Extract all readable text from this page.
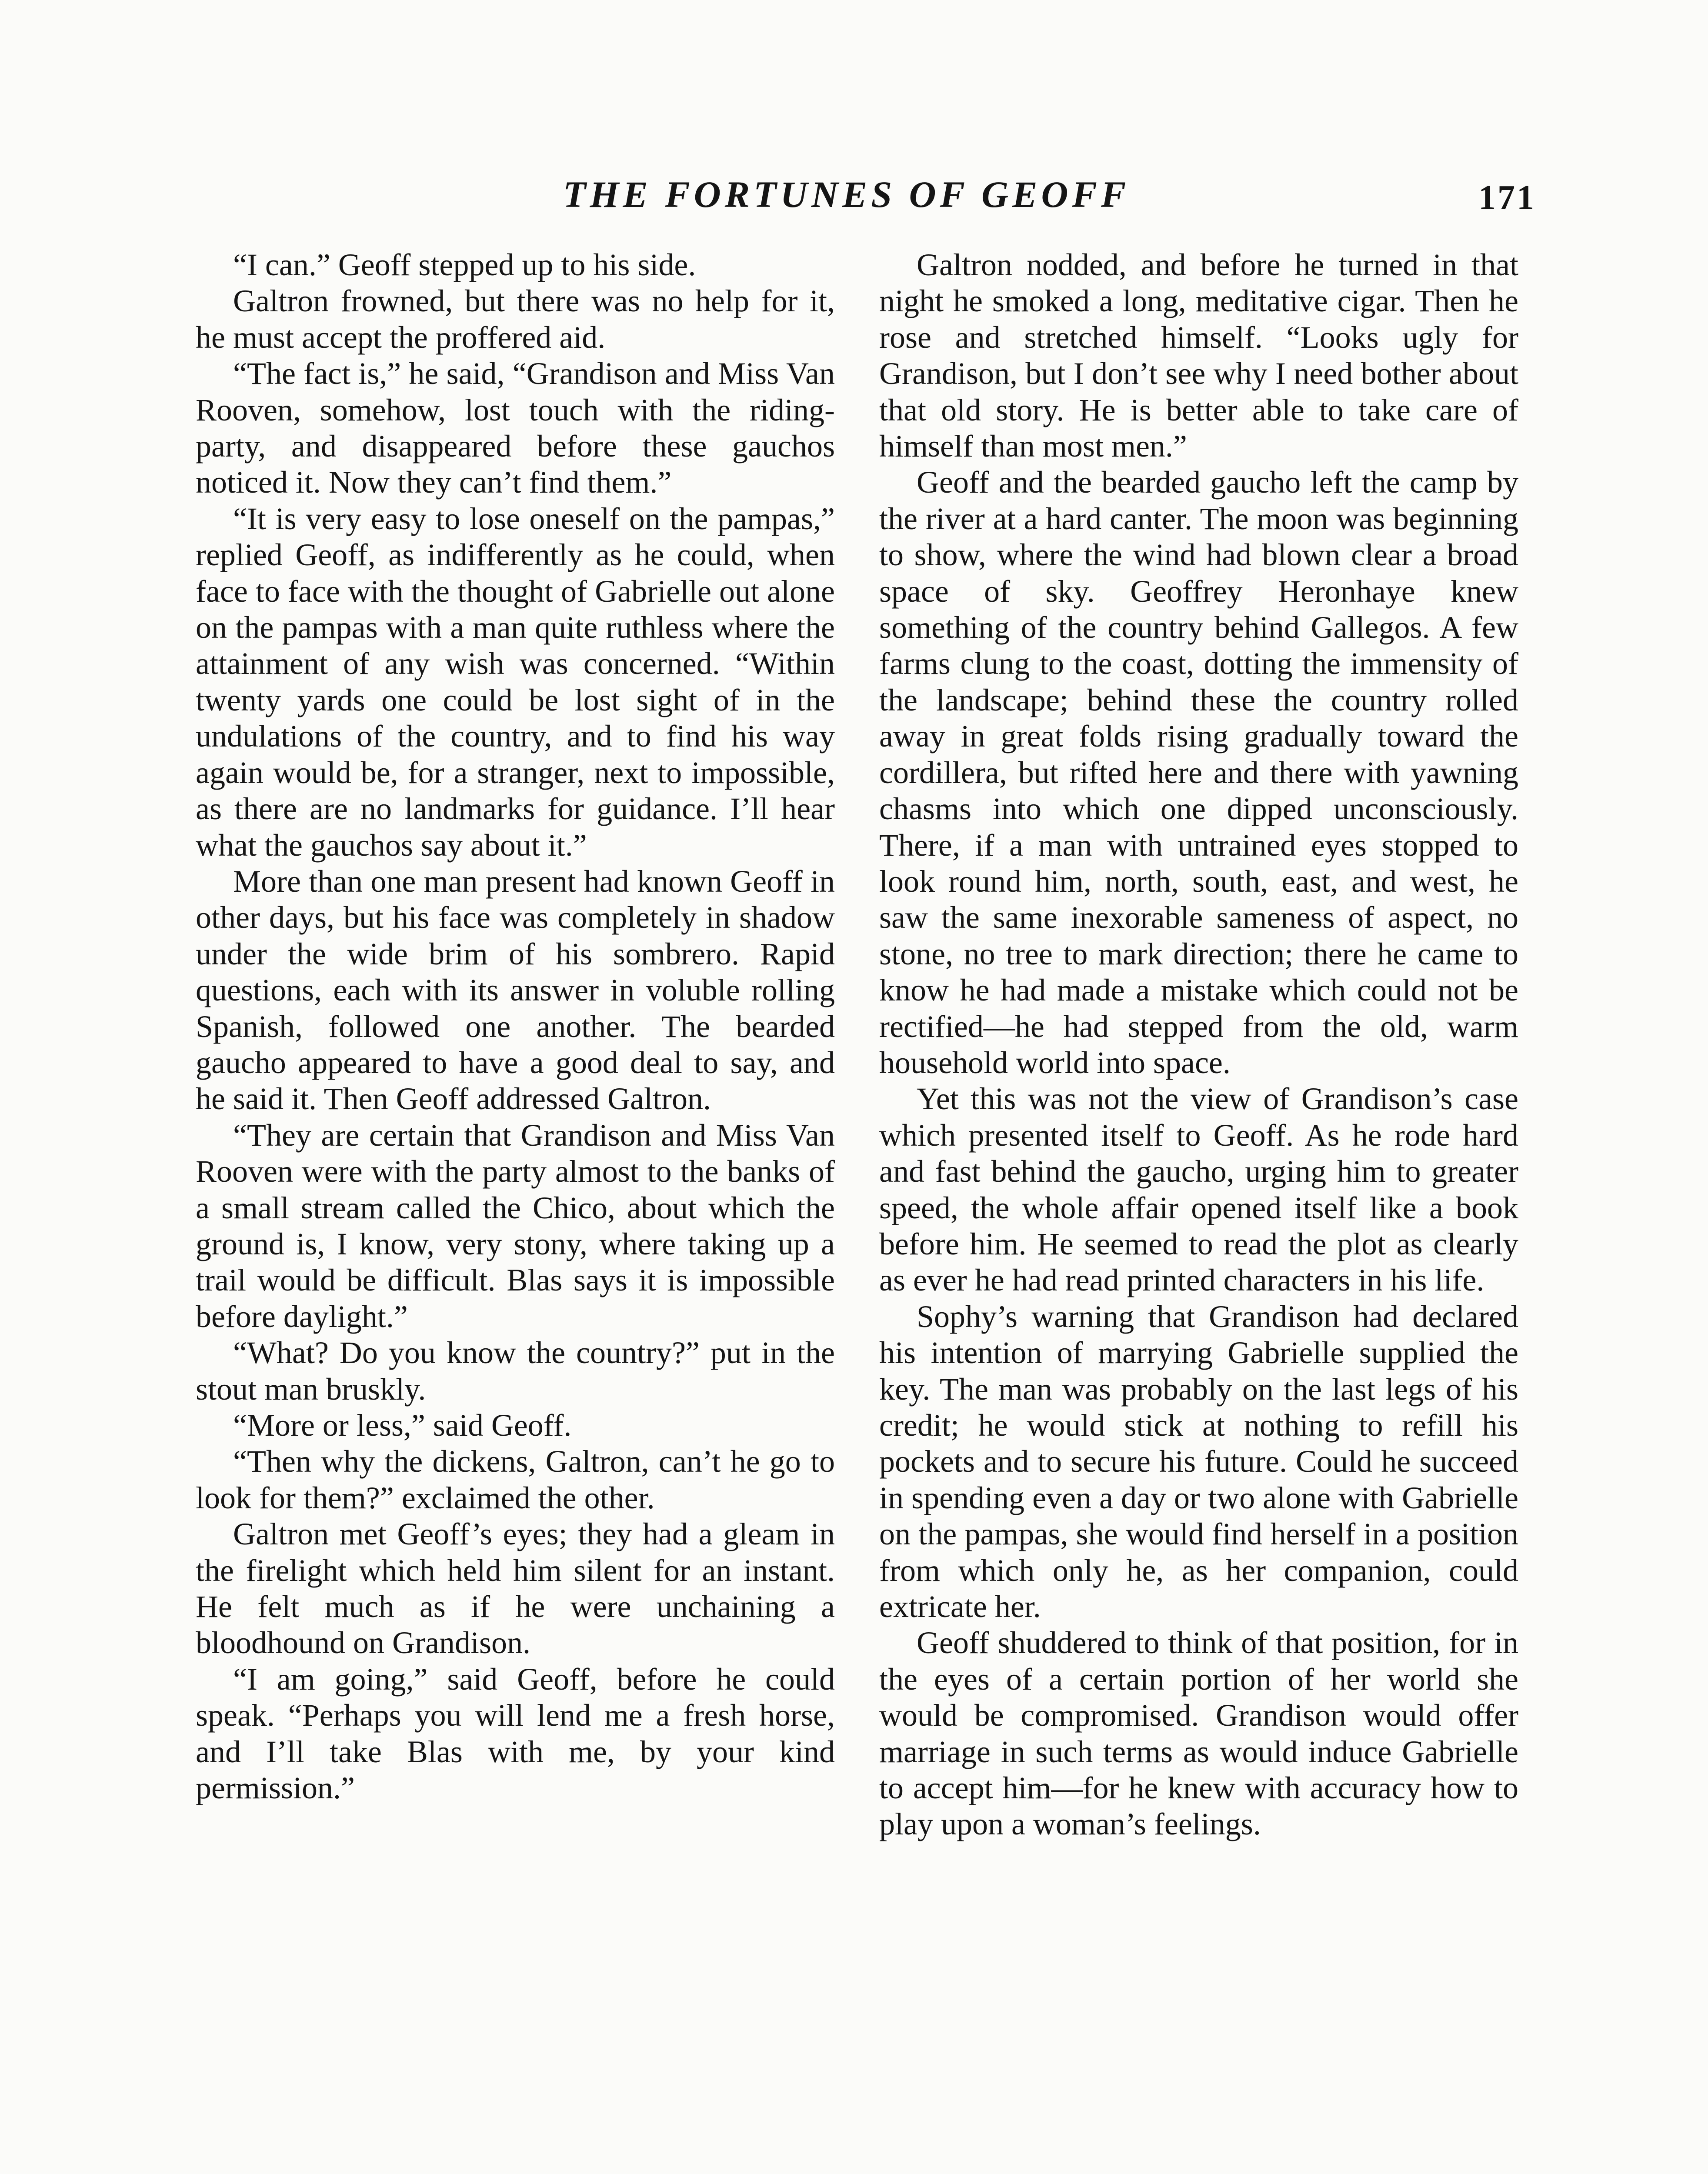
THE FORTUNES OF GEOFF	171

“I can.” Geoff stepped up to his side.

Galtron frowned, but there was no help for it, he must accept the proffered aid.

“The fact is,” he said, “Grandison and Miss Van Rooven, somehow, lost touch with the riding-party, and disappeared before these gauchos noticed it. Now they can’t find them.”

“It is very easy to lose oneself on the pampas,” replied Geoff, as indifferently as he could, when face to face with the thought of Gabrielle out alone on the pampas with a man quite ruthless where the attainment of any wish was concerned. “Within twenty yards one could be lost sight of in the undulations of the country, and to find his way again would be, for a stranger, next to impossible, as there are no landmarks for guidance. I’ll hear what the gauchos say about it.”

More than one man present had known Geoff in other days, but his face was completely in shadow under the wide brim of his sombrero. Rapid questions, each with its answer in voluble rolling Spanish, followed one another. The bearded gaucho appeared to have a good deal to say, and he said it. Then Geoff addressed Galtron.

“They are certain that Grandison and Miss Van Rooven were with the party almost to the banks of a small stream called the Chico, about which the ground is, I know, very stony, where taking up a trail would be difficult. Blas says it is impossible before daylight.”

“What? Do you know the country?” put in the stout man bruskly.

“More or less,” said Geoff.

“Then why the dickens, Galtron, can’t he go to look for them?” exclaimed the other.

Galtron met Geoff’s eyes; they had a gleam in the firelight which held him silent for an instant. He felt much as if he were unchaining a bloodhound on Grandison.

“I am going,” said Geoff, before he could speak. “Perhaps you will lend me a fresh horse, and I’ll take Blas with me, by your kind permission.”

Galtron nodded, and before he turned in that night he smoked a long, meditative cigar. Then he rose and stretched himself. “Looks ugly for Grandison, but I don’t see why I need bother about that old story. He is better able to take care of himself than most men.”

Geoff and the bearded gaucho left the camp by the river at a hard canter. The moon was beginning to show, where the wind had blown clear a broad space of sky. Geoffrey Heronhaye knew something of the country behind Gallegos. A few farms clung to the coast, dotting the immensity of the landscape; behind these the country rolled away in great folds rising gradually toward the cordillera, but rifted here and there with yawning chasms into which one dipped unconsciously. There, if a man with untrained eyes stopped to look round him, north, south, east, and west, he saw the same inexorable sameness of aspect, no stone, no tree to mark direction; there he came to know he had made a mistake which could not be rectified—he had stepped from the old, warm household world into space.

Yet this was not the view of Grandison’s case which presented itself to Geoff. As he rode hard and fast behind the gaucho, urging him to greater speed, the whole affair opened itself like a book before him. He seemed to read the plot as clearly as ever he had read printed characters in his life.

Sophy’s warning that Grandison had declared his intention of marrying Gabrielle supplied the key. The man was probably on the last legs of his credit; he would stick at nothing to refill his pockets and to secure his future. Could he succeed in spending even a day or two alone with Gabrielle on the pampas, she would find herself in a position from which only he, as her companion, could extricate her.

Geoff shuddered to think of that position, for in the eyes of a certain portion of her world she would be compromised. Grandison would offer marriage in such terms as would induce Gabrielle to accept him—for he knew with accuracy how to play upon a woman’s feelings.
